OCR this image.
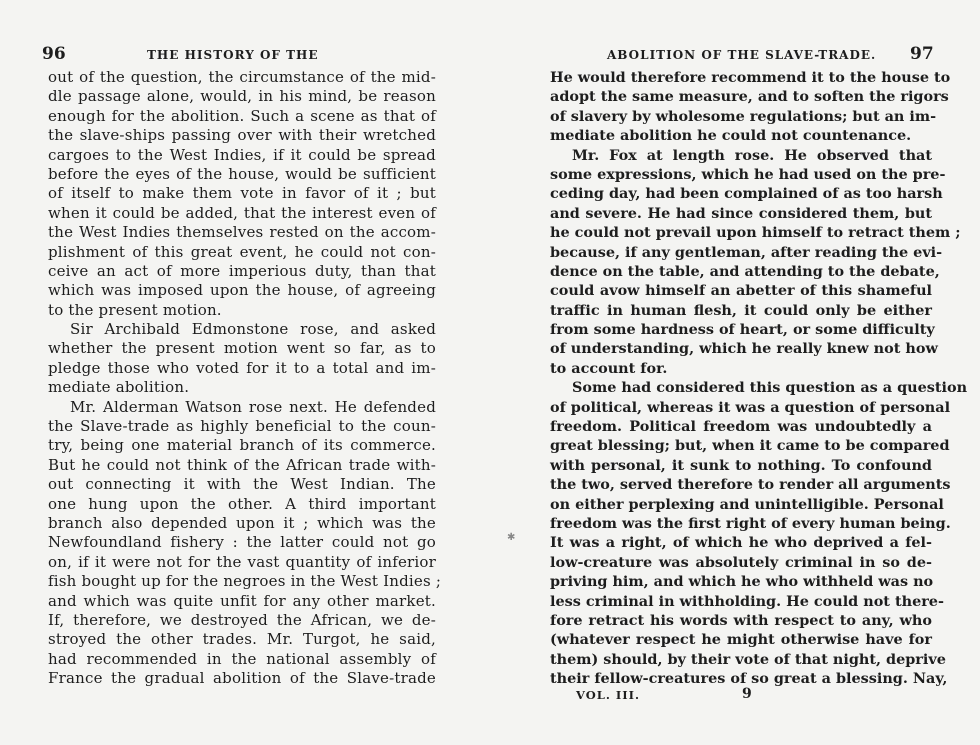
96	THE HISTORY OF THE
out of the question, the circumstance of the mid-
dle passage alone, would, in his mind, be reason
enough for the abolition. Such a scene as that of
the slave-ships passing over with their wretched
cargoes to the West Indies, if it could be spread
before the eyes of the house, would be sufficient
of itself to make them vote in favor of it ; but
when it could be added, that the interest even of
the West Indies themselves rested on the accom-
plishment of this great event, he could not con-
ceive an act of more imperious duty, than that
which was imposed upon the house, of agreeing
to the present motion.
Sir Archibald Edmonstone rose, and asked
whether the present motion went so far, as to
pledge those who voted for it to a total and im-
mediate abolition.
Mr. Alderman Watson rose next. He defended
the Slave-trade as highly beneficial to the coun-
try, being one material branch of its commerce.
But he could not think of the African trade with-
out connecting it with the West Indian. The
one hung upon the other. A third important
branch also depended upon it ; which was the
Newfoundland fishery : the latter could not go
on, if it were not for the vast quantity of inferior
fish bought up for the negroes in the West Indies ;
and which was quite unfit for any other market.
If, therefore, we destroyed the African, we de-
stroyed the other trades. Mr. Turgot, he said,
had recommended in the national assembly of
France the gradual abolition of the Slave-trade
✱
ABOLITION OF THE SLAVE-TRADE. 97
He would therefore recommend it to the house to
adopt the same measure, and to soften the rigors
of slavery by wholesome regulations; but an im-
mediate abolition he could not countenance.
Mr. Fox at length rose. He observed that
some expressions, which he had used on the pre-
ceding day, had been complained of as too harsh
and severe. He had since considered them, but
he could not prevail upon himself to retract them ;
because, if any gentleman, after reading the evi-
dence on the table, and attending to the debate,
could avow himself an abetter of this shameful
traffic in human flesh, it could only be either
from some hardness of heart, or some difficulty
of understanding, which he really knew not how
to account for.
Some had considered this question as a question
of political, whereas it was a question of personal
freedom. Political freedom was undoubtedly a
great blessing; but, when it came to be compared
with personal, it sunk to nothing. To confound
the two, served therefore to render all arguments
on either perplexing and unintelligible. Personal
freedom was the first right of every human being.
It was a right, of which he who deprived a fel-
low-creature was absolutely criminal in so de-
priving him, and which he who withheld was no
less criminal in withholding. He could not there-
fore retract his words with respect to any, who
(whatever respect he might otherwise have for
them) should, by their vote of that night, deprive
their fellow-creatures of so great a blessing. Nay,
VOL. III.	9
